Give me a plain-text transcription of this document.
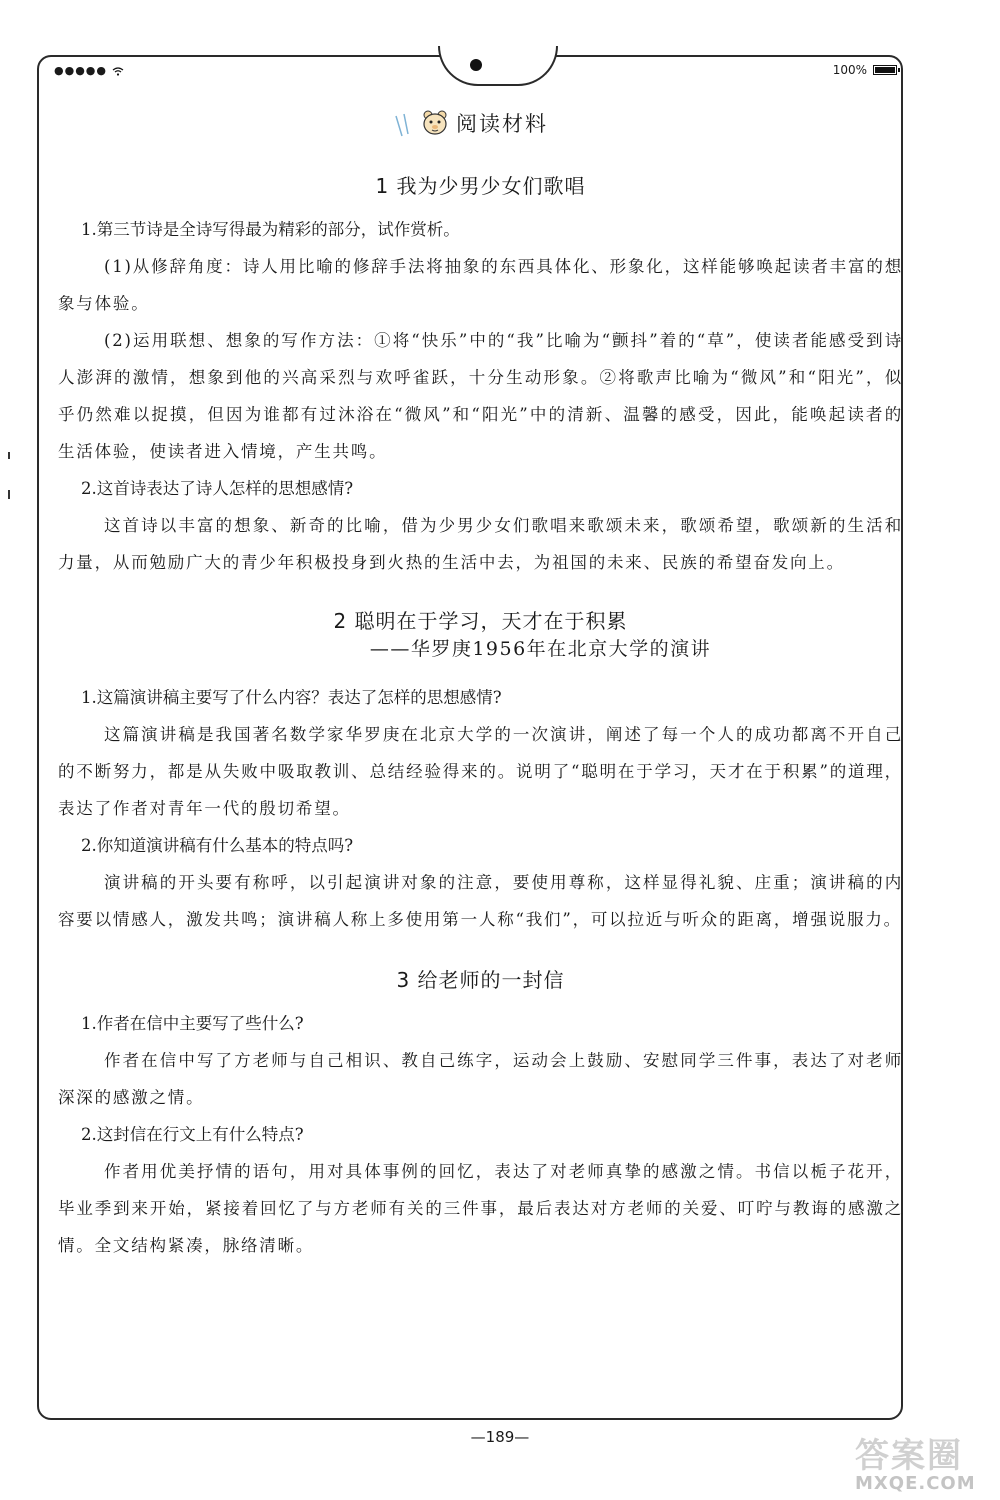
●●●●●	100%
阅读材料
1 我为少男少女们歌唱
1.第三节诗是全诗写得最为精彩的部分，试作赏析。
(1)从修辞角度：诗人用比喻的修辞手法将抽象的东西具体化、形象化，这样能够唤起读者丰富的想象与体验。
(2)运用联想、想象的写作方法：①将“快乐”中的“我”比喻为“颤抖”着的“草”，使读者能感受到诗人澎湃的激情，想象到他的兴高采烈与欢呼雀跃，十分生动形象。②将歌声比喻为“微风”和“阳光”，似乎仍然难以捉摸，但因为谁都有过沐浴在“微风”和“阳光”中的清新、温馨的感受，因此，能唤起读者的生活体验，使读者进入情境，产生共鸣。
2.这首诗表达了诗人怎样的思想感情?
这首诗以丰富的想象、新奇的比喻，借为少男少女们歌唱来歌颂未来，歌颂希望，歌颂新的生活和力量，从而勉励广大的青少年积极投身到火热的生活中去，为祖国的未来、民族的希望奋发向上。
2 聪明在于学习，天才在于积累
——华罗庚1956年在北京大学的演讲
1.这篇演讲稿主要写了什么内容？表达了怎样的思想感情?
这篇演讲稿是我国著名数学家华罗庚在北京大学的一次演讲，阐述了每一个人的成功都离不开自己的不断努力，都是从失败中吸取教训、总结经验得来的。说明了“聪明在于学习，天才在于积累”的道理，表达了作者对青年一代的殷切希望。
2.你知道演讲稿有什么基本的特点吗?
演讲稿的开头要有称呼，以引起演讲对象的注意，要使用尊称，这样显得礼貌、庄重；演讲稿的内容要以情感人，激发共鸣；演讲稿人称上多使用第一人称“我们”，可以拉近与听众的距离，增强说服力。
3 给老师的一封信
1.作者在信中主要写了些什么?
作者在信中写了方老师与自己相识、教自己练字，运动会上鼓励、安慰同学三件事，表达了对老师深深的感激之情。
2.这封信在行文上有什么特点?
作者用优美抒情的语句，用对具体事例的回忆，表达了对老师真挚的感激之情。书信以栀子花开，毕业季到来开始，紧接着回忆了与方老师有关的三件事，最后表达对方老师的关爱、叮咛与教诲的感激之情。全文结构紧凑，脉络清晰。
—189—	答案圈
MXQE.COM
